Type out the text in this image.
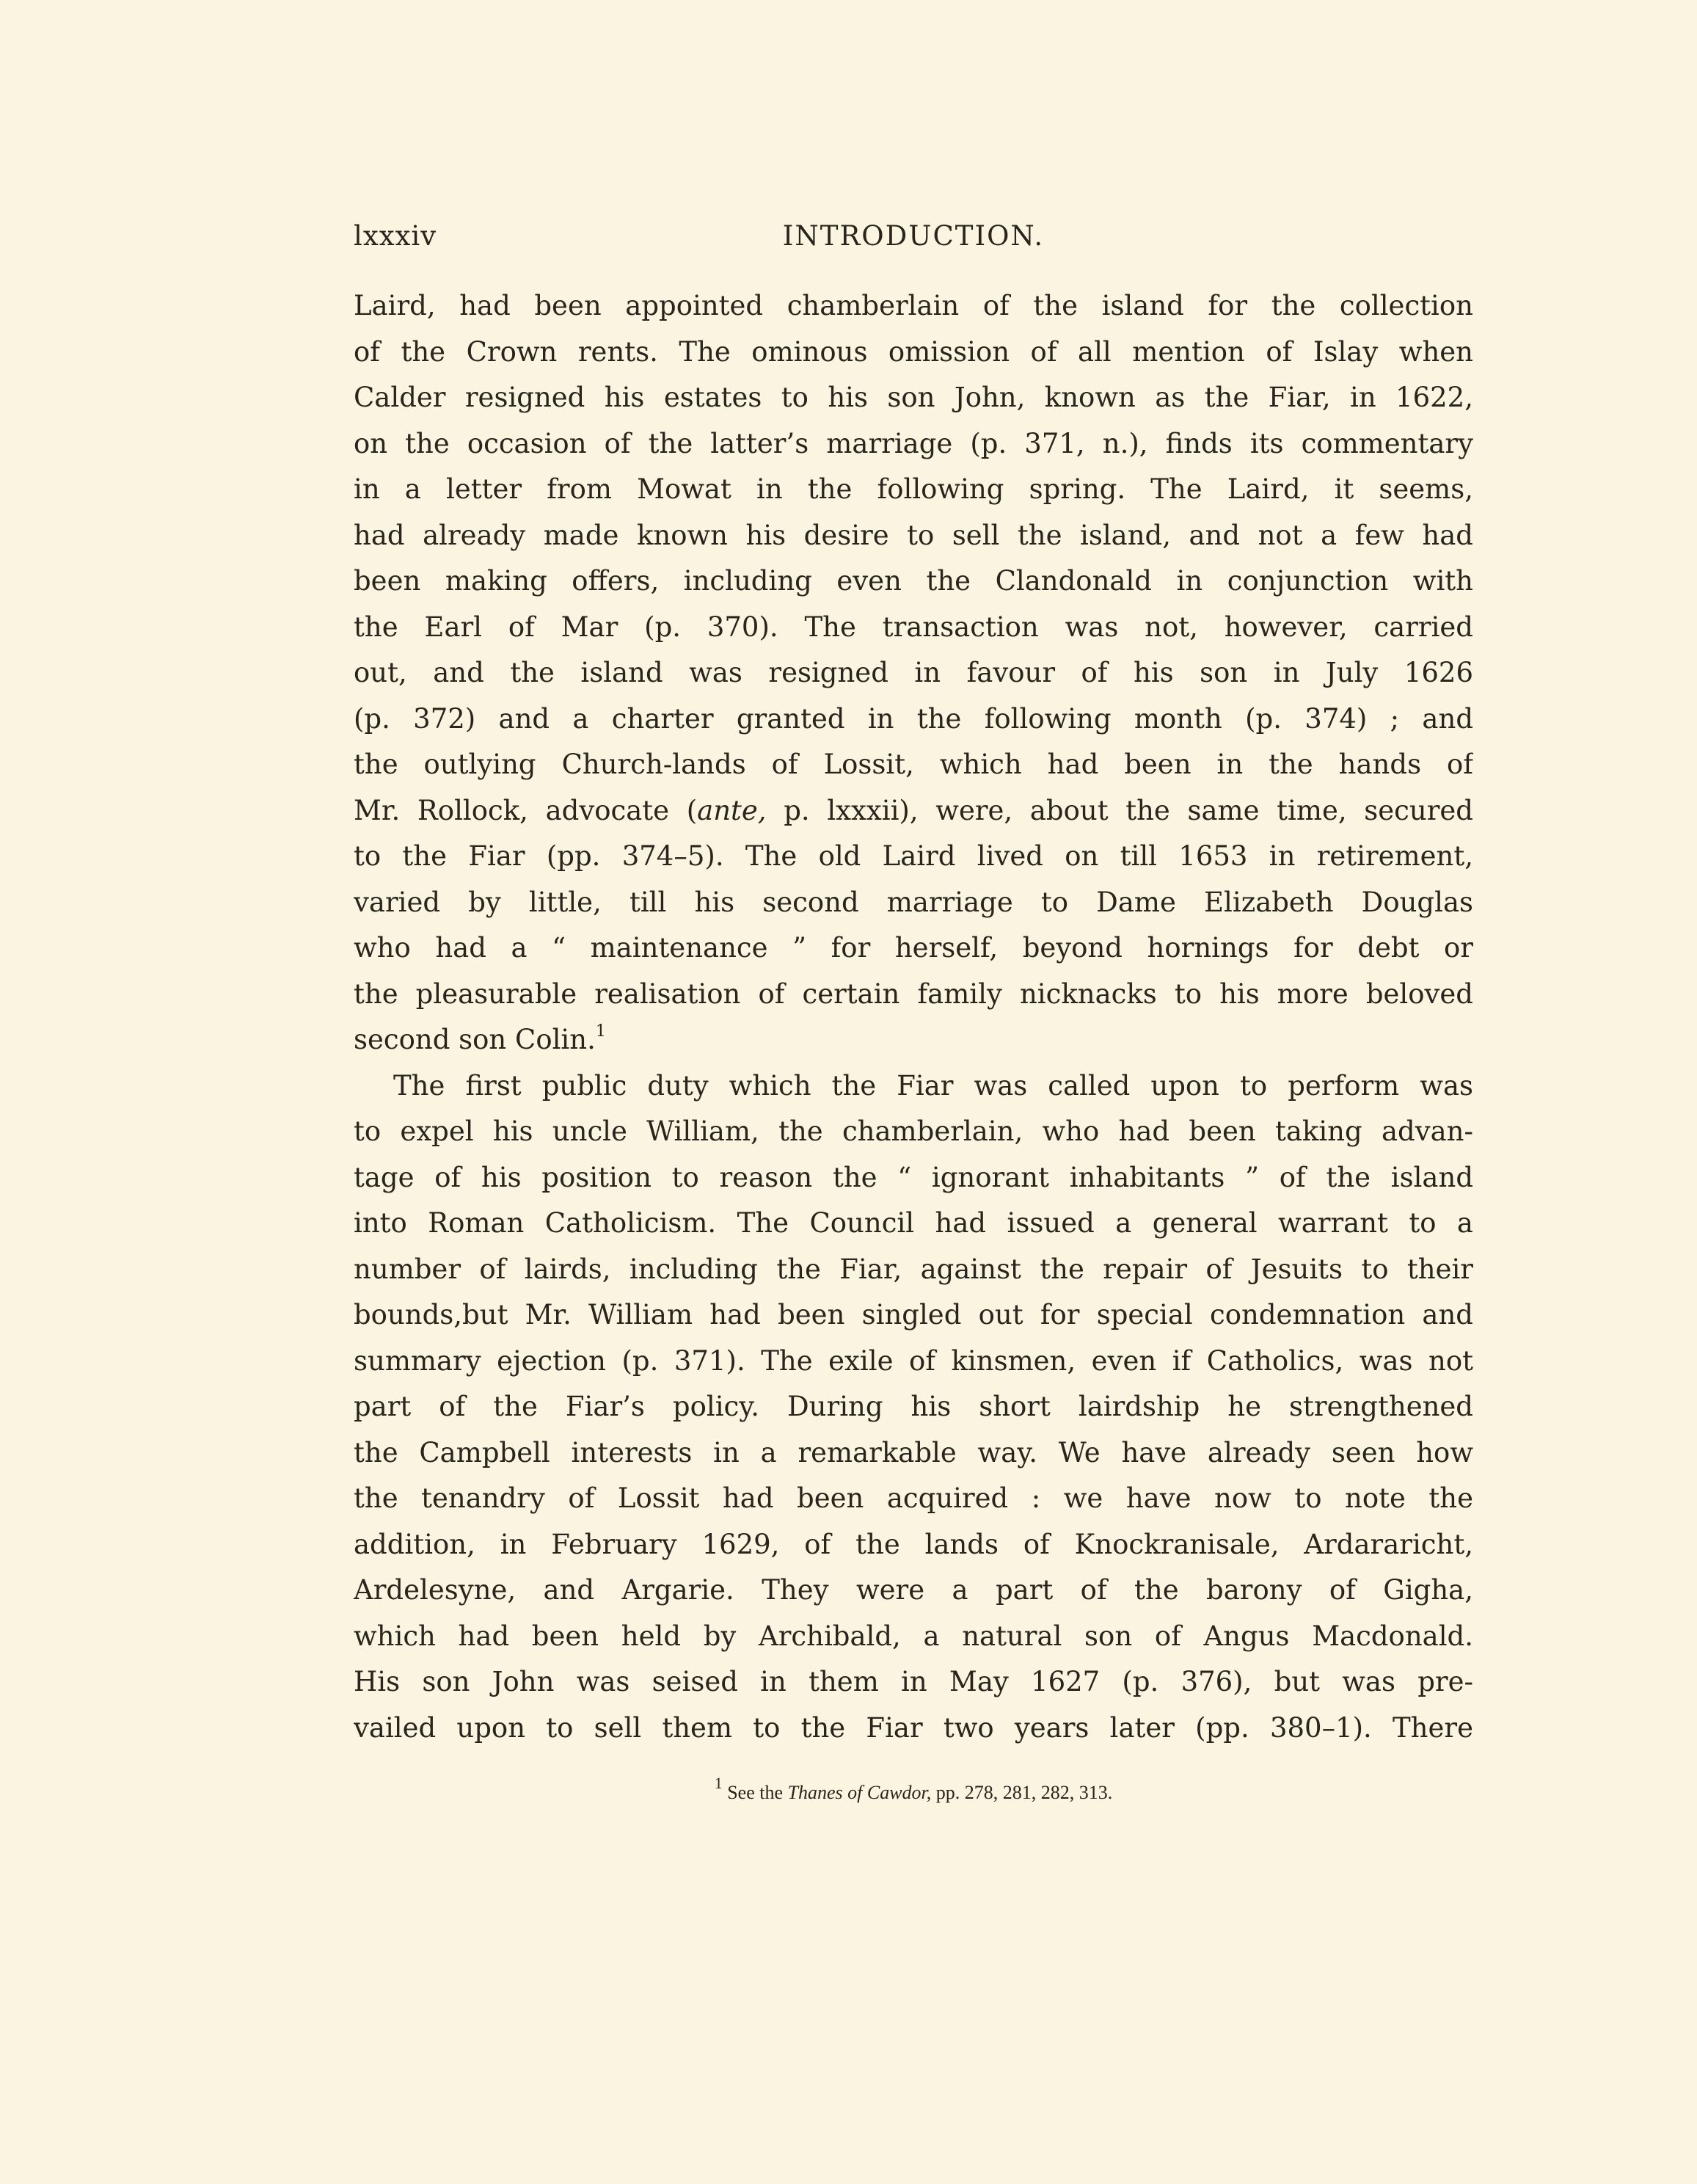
lxxxiv	INTRODUCTION.
Laird, had been appointed chamberlain of the island for the collection
of the Crown rents. The ominous omission of all mention of Islay when
Calder resigned his estates to his son John, known as the Fiar, in 1622,
on the occasion of the latter’s marriage (p. 371, n.), finds its commentary
in a letter from Mowat in the following spring. The Laird, it seems,
had already made known his desire to sell the island, and not a few had
been making offers, including even the Clandonald in conjunction with
the Earl of Mar (p. 370). The transaction was not, however, carried
out, and the island was resigned in favour of his son in July 1626
(p. 372) and a charter granted in the following month (p. 374) ; and
the outlying Church-lands of Lossit, which had been in the hands of
Mr. Rollock, advocate (ante, p. lxxxii), were, about the same time, secured
to the Fiar (pp. 374–5). The old Laird lived on till 1653 in retirement,
varied by little, till his second marriage to Dame Elizabeth Douglas
who had a “ maintenance ” for herself, beyond hornings for debt or
the pleasurable realisation of certain family nicknacks to his more beloved
second son Colin.$^1$
The first public duty which the Fiar was called upon to perform was
to expel his uncle William, the chamberlain, who had been taking advan-
tage of his position to reason the “ ignorant inhabitants ” of the island
into Roman Catholicism. The Council had issued a general warrant to a
number of lairds, including the Fiar, against the repair of Jesuits to their
bounds,but Mr. William had been singled out for special condemnation and
summary ejection (p. 371). The exile of kinsmen, even if Catholics, was not
part of the Fiar’s policy. During his short lairdship he strengthened
the Campbell interests in a remarkable way. We have already seen how
the tenandry of Lossit had been acquired : we have now to note the
addition, in February 1629, of the lands of Knockranisale, Ardararicht,
Ardelesyne, and Argarie. They were a part of the barony of Gigha,
which had been held by Archibald, a natural son of Angus Macdonald.
His son John was seised in them in May 1627 (p. 376), but was pre-
vailed upon to sell them to the Fiar two years later (pp. 380–1). There
$^1$ See the Thanes of Cawdor, pp. 278, 281, 282, 313.
